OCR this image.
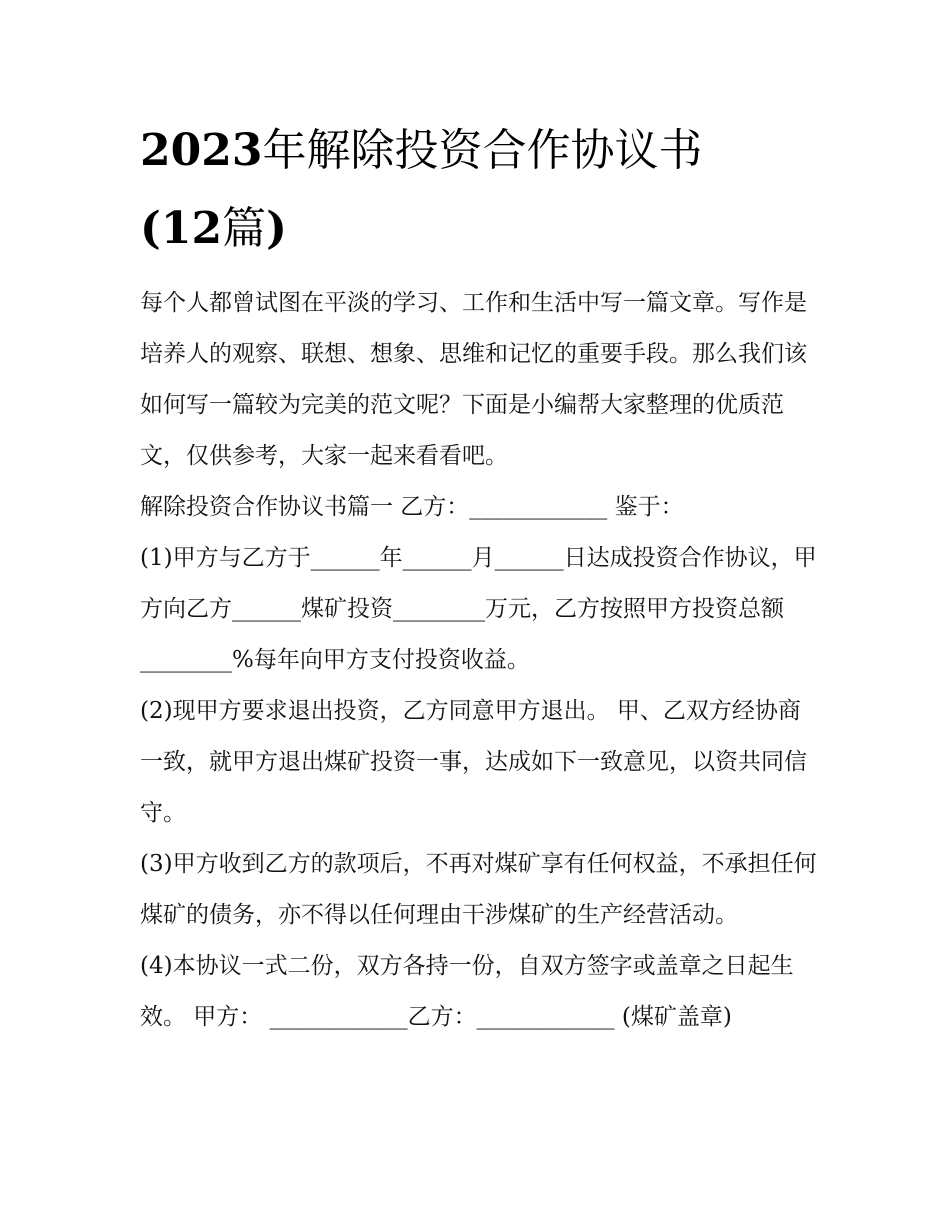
2023年解除投资合作协议书
(12篇)

每个人都曾试图在平淡的学习、工作和生活中写一篇文章。写作是培养人的观察、联想、想象、思维和记忆的重要手段。那么我们该如何写一篇较为完美的范文呢？下面是小编帮大家整理的优质范文，仅供参考，大家一起来看看吧。

解除投资合作协议书篇一 乙方：____________ 鉴于：

(1)甲方与乙方于______年______月______日达成投资合作协议，甲方向乙方______煤矿投资________万元，乙方按照甲方投资总额________%每年向甲方支付投资收益。

(2)现甲方要求退出投资，乙方同意甲方退出。 甲、乙双方经协商一致，就甲方退出煤矿投资一事，达成如下一致意见，以资共同信守。

(3)甲方收到乙方的款项后，不再对煤矿享有任何权益，不承担任何煤矿的债务，亦不得以任何理由干涉煤矿的生产经营活动。

(4)本协议一式二份，双方各持一份，自双方签字或盖章之日起生效。 甲方： ____________乙方：____________ (煤矿盖章)
